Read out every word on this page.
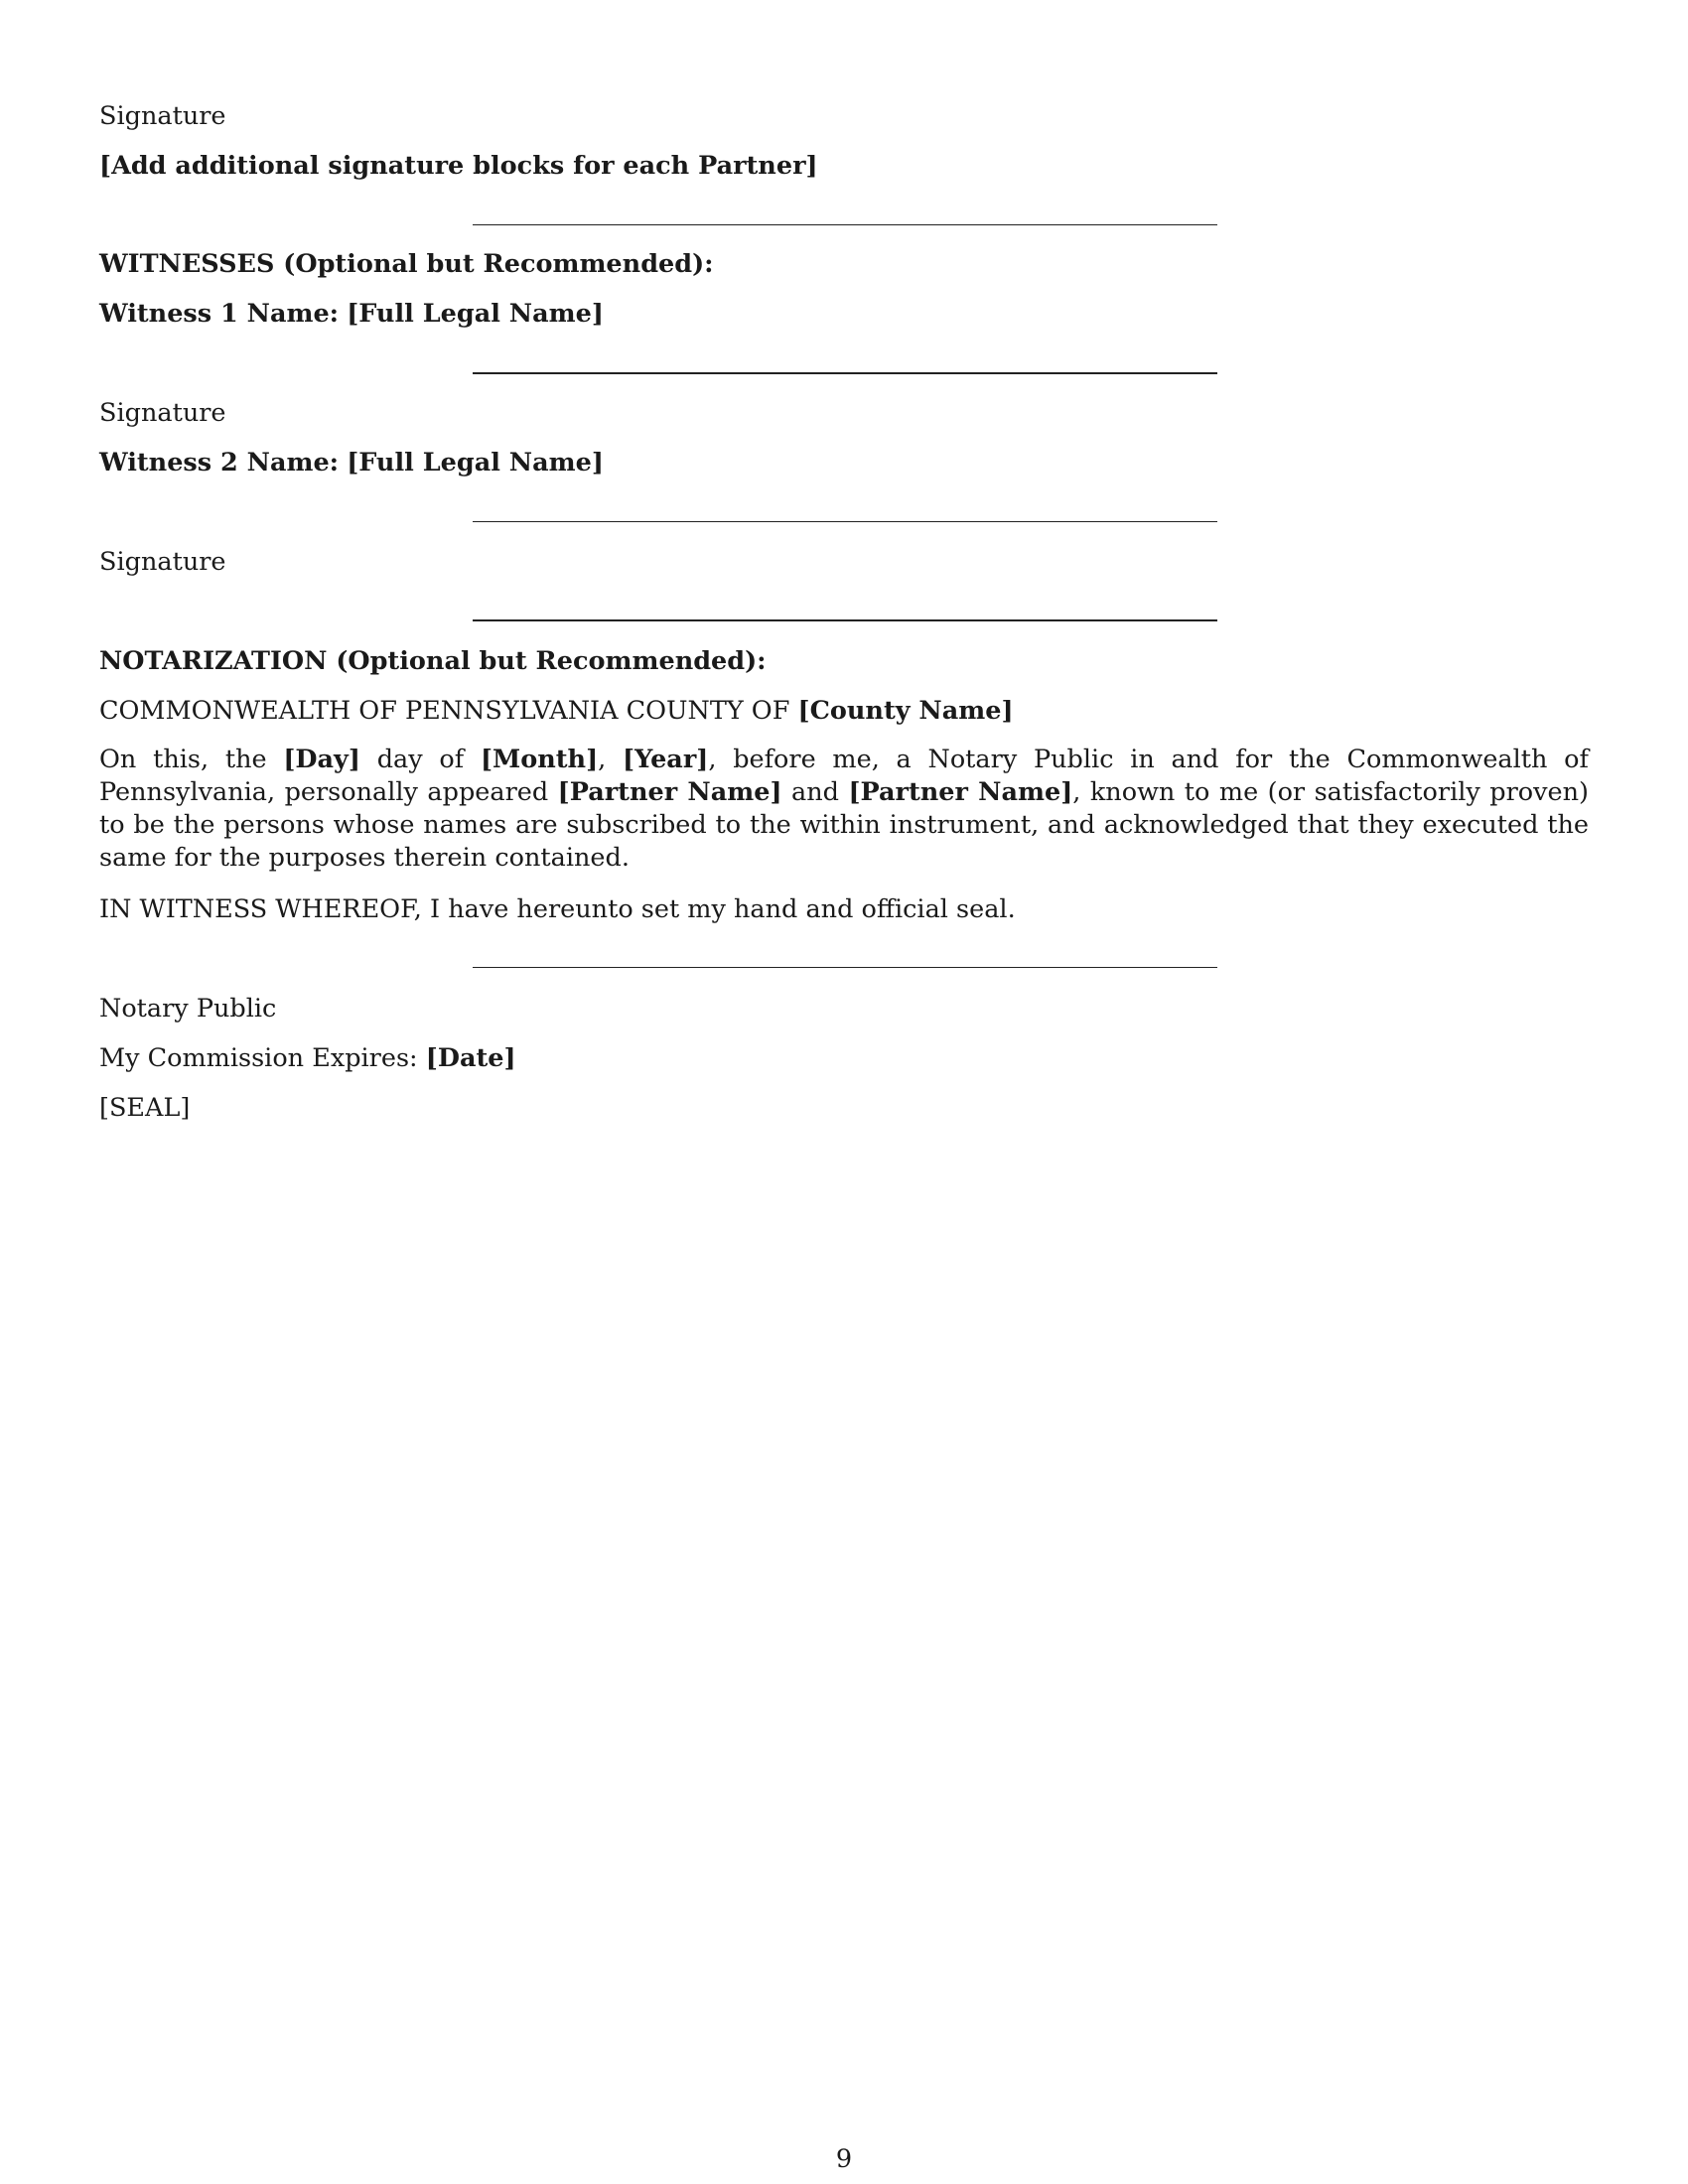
Signature
[Add additional signature blocks for each Partner]
WITNESSES (Optional but Recommended):
Witness 1 Name: [Full Legal Name]
Signature
Witness 2 Name: [Full Legal Name]
Signature
NOTARIZATION (Optional but Recommended):
COMMONWEALTH OF PENNSYLVANIA COUNTY OF [County Name]
On this, the [Day] day of [Month], [Year], before me, a Notary Public in and for the Commonwealth of Pennsylvania, personally appeared [Partner Name] and [Partner Name], known to me (or satisfactorily proven) to be the persons whose names are subscribed to the within instrument, and acknowledged that they executed the same for the purposes therein contained.
IN WITNESS WHEREOF, I have hereunto set my hand and official seal.
Notary Public
My Commission Expires: [Date]
[SEAL]
9
